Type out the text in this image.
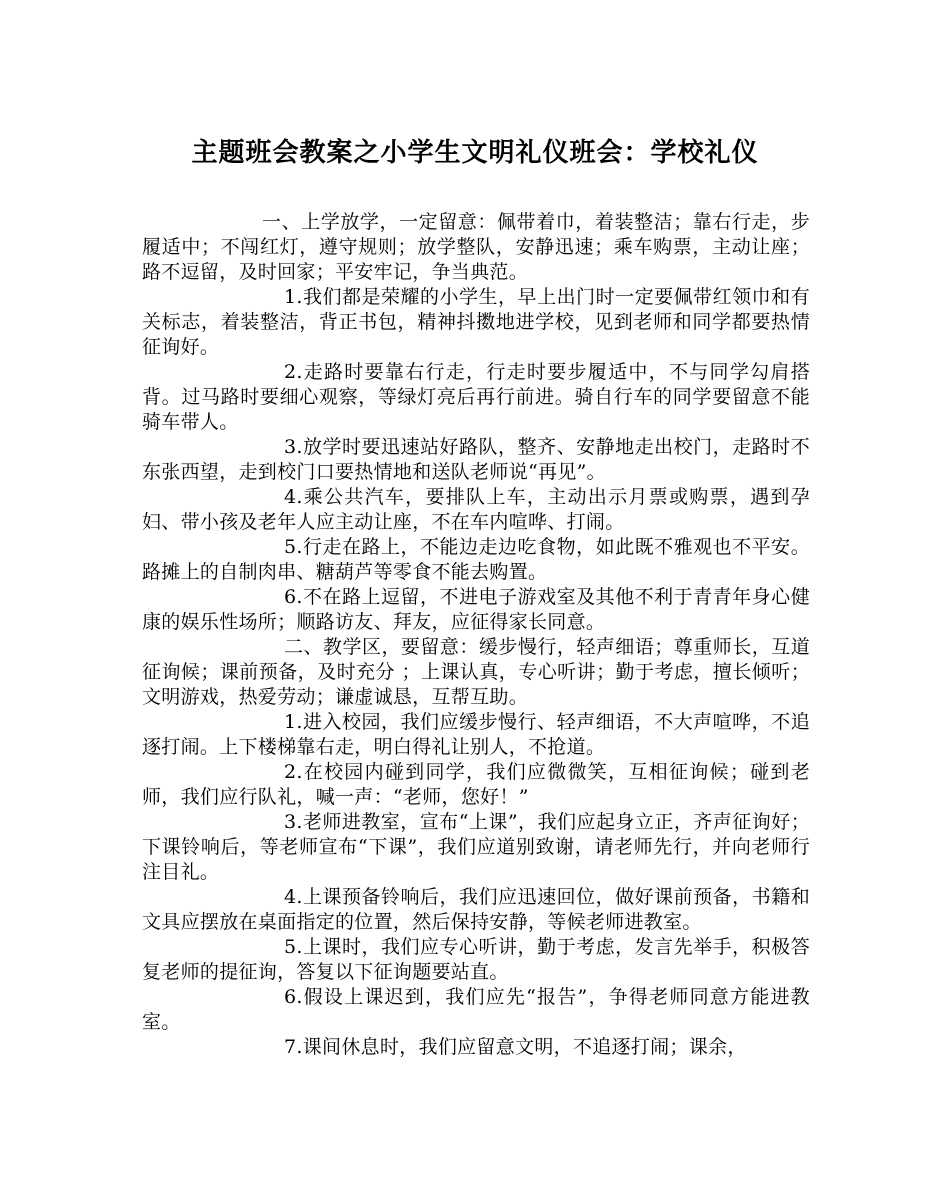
主题班会教案之小学生文明礼仪班会：学校礼仪

一、上学放学，一定留意：佩带着巾，着装整洁；靠右行走，步履适中；不闯红灯，遵守规则；放学整队，安静迅速；乘车购票，主动让座；路不逗留，及时回家；平安牢记，争当典范。

1.我们都是荣耀的小学生，早上出门时一定要佩带红领巾和有关标志，着装整洁，背正书包，精神抖擞地进学校，见到老师和同学都要热情征询好。

2.走路时要靠右行走，行走时要步履适中，不与同学勾肩搭背。过马路时要细心观察，等绿灯亮后再行前进。骑自行车的同学要留意不能骑车带人。

3.放学时要迅速站好路队，整齐、安静地走出校门，走路时不东张西望，走到校门口要热情地和送队老师说“再见”。

4.乘公共汽车，要排队上车，主动出示月票或购票，遇到孕妇、带小孩及老年人应主动让座，不在车内喧哗、打闹。

5.行走在路上，不能边走边吃食物，如此既不雅观也不平安。路摊上的自制肉串、糖葫芦等零食不能去购置。

6.不在路上逗留，不进电子游戏室及其他不利于青青年身心健康的娱乐性场所；顺路访友、拜友，应征得家长同意。

二、教学区，要留意：缓步慢行，轻声细语；尊重师长，互道征询候；课前预备，及时充分 ；上课认真，专心听讲；勤于考虑，擅长倾听；文明游戏，热爱劳动；谦虚诚恳，互帮互助。

1.进入校园，我们应缓步慢行、轻声细语，不大声喧哗，不追逐打闹。上下楼梯靠右走，明白得礼让别人，不抢道。

2.在校园内碰到同学，我们应微微笑，互相征询候；碰到老师，我们应行队礼，喊一声：“老师，您好！”

3.老师进教室，宣布“上课”，我们应起身立正，齐声征询好；下课铃响后，等老师宣布“下课”，我们应道别致谢，请老师先行，并向老师行注目礼。

4.上课预备铃响后，我们应迅速回位，做好课前预备，书籍和文具应摆放在桌面指定的位置，然后保持安静，等候老师进教室。

5.上课时，我们应专心听讲，勤于考虑，发言先举手，积极答复老师的提征询，答复以下征询题要站直。

6.假设上课迟到，我们应先“报告”，争得老师同意方能进教室。

7.课间休息时，我们应留意文明，不追逐打闹；课余，
